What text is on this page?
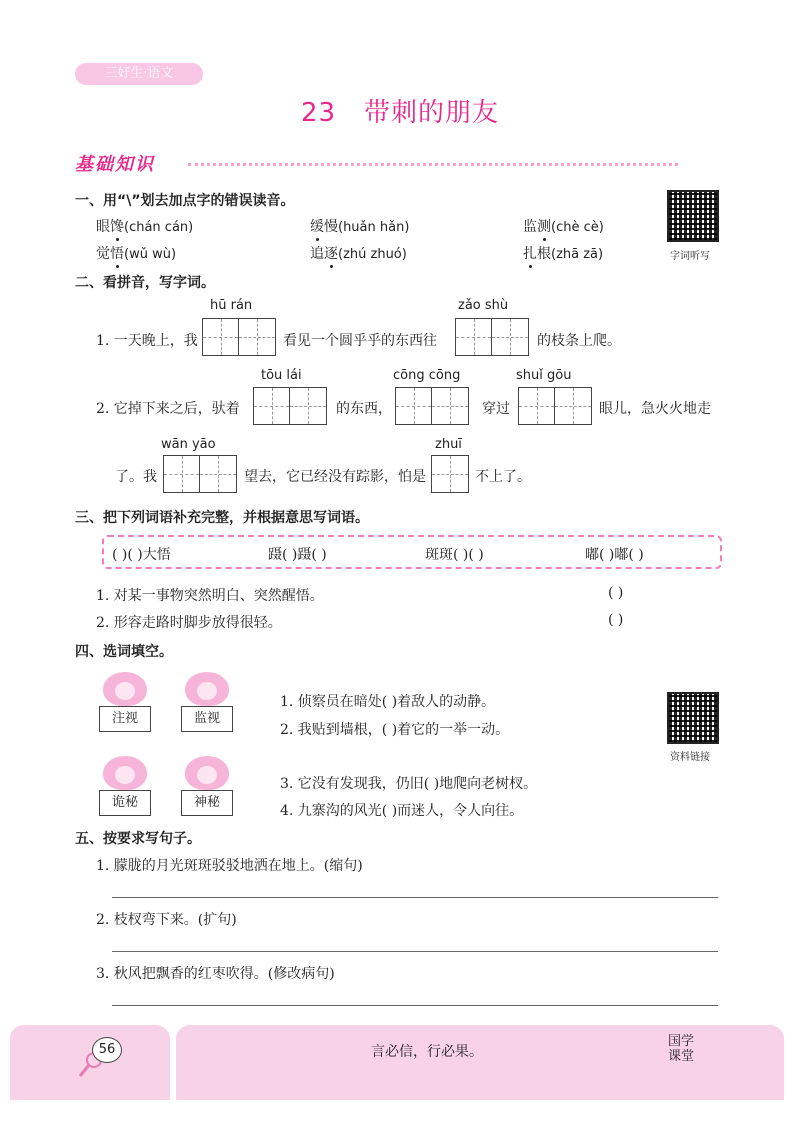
三好生·语文
23 带刺的朋友
基础知识
字词听写
一、用“\”划去加点字的错误读音。
眼馋(chán cán)	缓慢(huǎn hǎn)	监测(chè cè)
觉悟(wǔ wù)	追逐(zhú zhuó)	扎根(zhā zā)
二、看拼音，写字词。
hū rán	zǎo shù
1. 一天晚上，我	看见一个圆乎乎的东西往	的枝条上爬。
tōu lái	cōng cōng	shuǐ gōu
2. 它掉下来之后，驮着	的东西，	穿过	眼儿，急火火地走
wān yāo	zhuī
了。我	望去，它已经没有踪影，怕是	不上了。
三、把下列词语补充完整，并根据意思写词语。
( )( )大悟	蹑( )蹑( )	斑斑( )( )	嘟( )嘟( )
1. 对某一事物突然明白、突然醒悟。	( )
2. 形容走路时脚步放得很轻。	( )
四、选词填空。
注视	监视
诡秘	神秘
1. 侦察员在暗处( )着敌人的动静。
2. 我贴到墙根，( )着它的一举一动。
3. 它没有发现我，仍旧( )地爬向老树杈。
4. 九寨沟的风光( )而迷人，令人向往。
资料链接
五、按要求写句子。
1. 朦胧的月光斑斑驳驳地洒在地上。(缩句)
2. 枝杈弯下来。(扩句)
3. 秋风把飘香的红枣吹得。(修改病句)
56	言必信，行必果。
国学
课堂
